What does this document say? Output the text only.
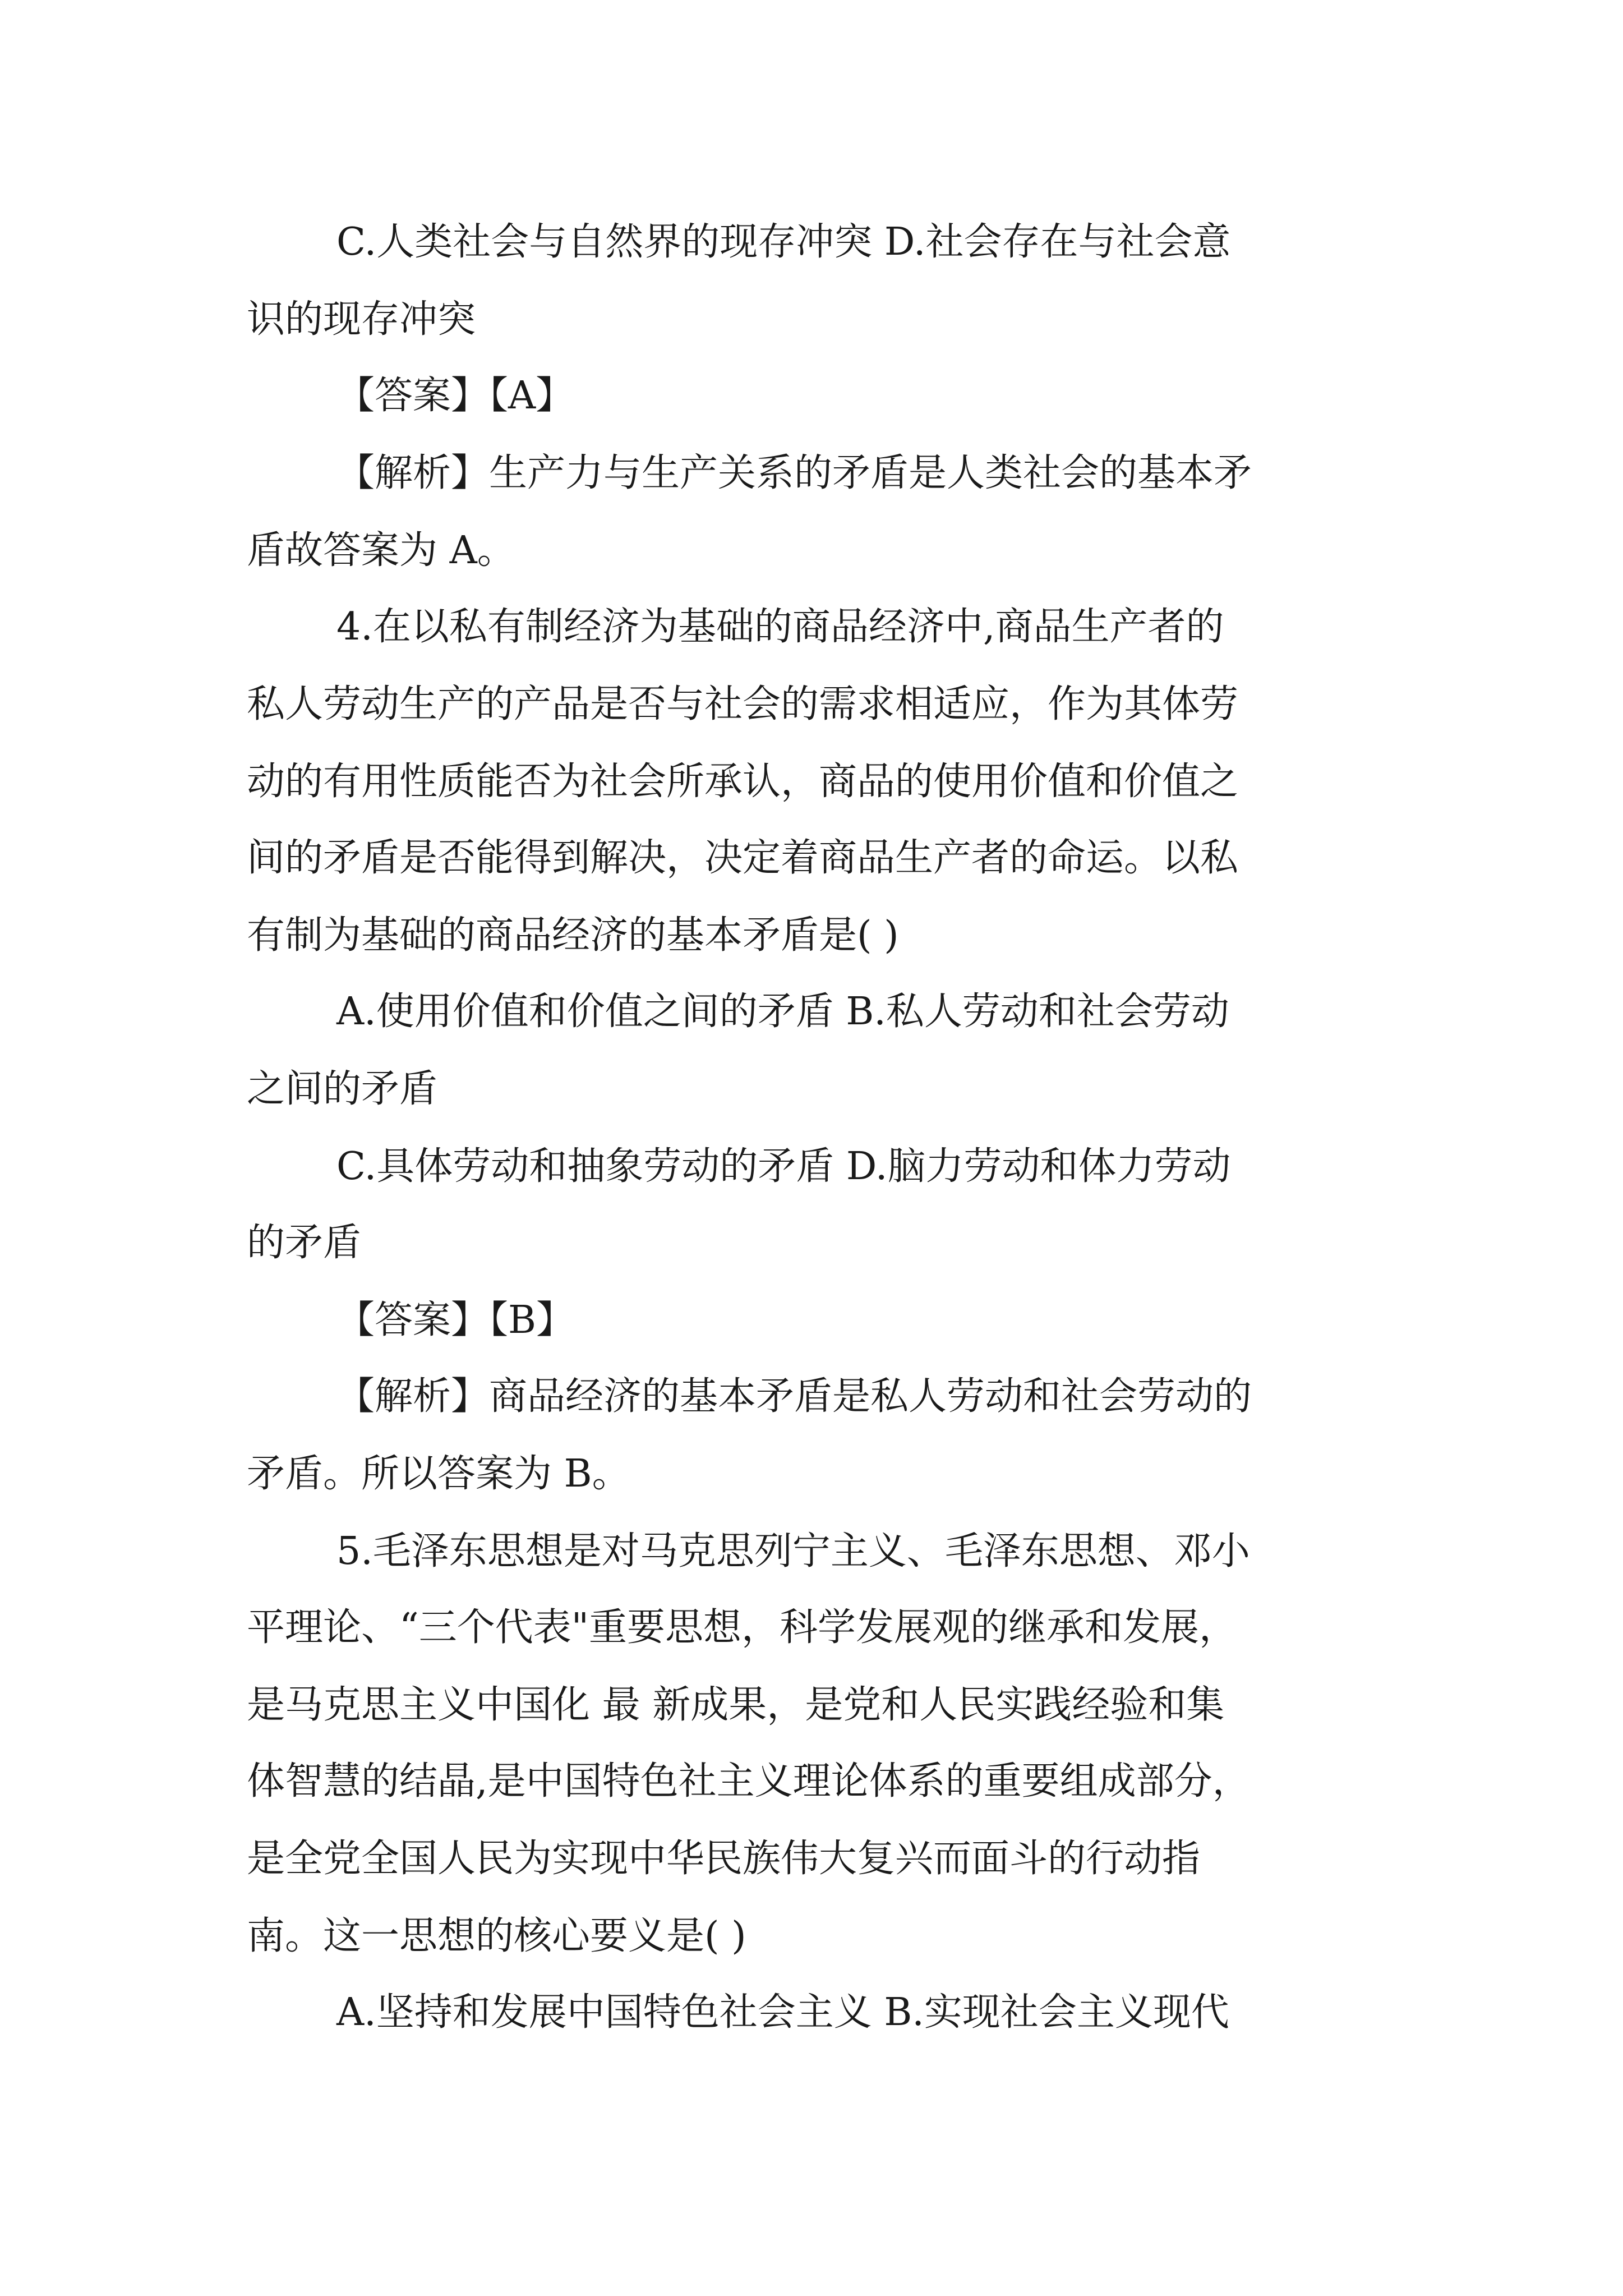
C.人类社会与自然界的现存冲突 D.社会存在与社会意

识的现存冲突

【答案】【A】

【解析】生产力与生产关系的矛盾是人类社会的基本矛

盾故答案为 A。

4.在以私有制经济为基础的商品经济中,商品生产者的

私人劳动生产的产品是否与社会的需求相适应，作为其体劳

动的有用性质能否为社会所承认，商品的使用价值和价值之

间的矛盾是否能得到解决，决定着商品生产者的命运。以私

有制为基础的商品经济的基本矛盾是( )

A.使用价值和价值之间的矛盾 B.私人劳动和社会劳动

之间的矛盾

C.具体劳动和抽象劳动的矛盾 D.脑力劳动和体力劳动

的矛盾

【答案】【B】

【解析】商品经济的基本矛盾是私人劳动和社会劳动的

矛盾。所以答案为 B。

5.毛泽东思想是对马克思列宁主义、毛泽东思想、邓小

平理论、“三个代表"重要思想，科学发展观的继承和发展，

是马克思主义中国化 最 新成果，是党和人民实践经验和集

体智慧的结晶,是中国特色社主义理论体系的重要组成部分，

是全党全国人民为实现中华民族伟大复兴而面斗的行动指

南。这一思想的核心要义是( )

A.坚持和发展中国特色社会主义 B.实现社会主义现代
